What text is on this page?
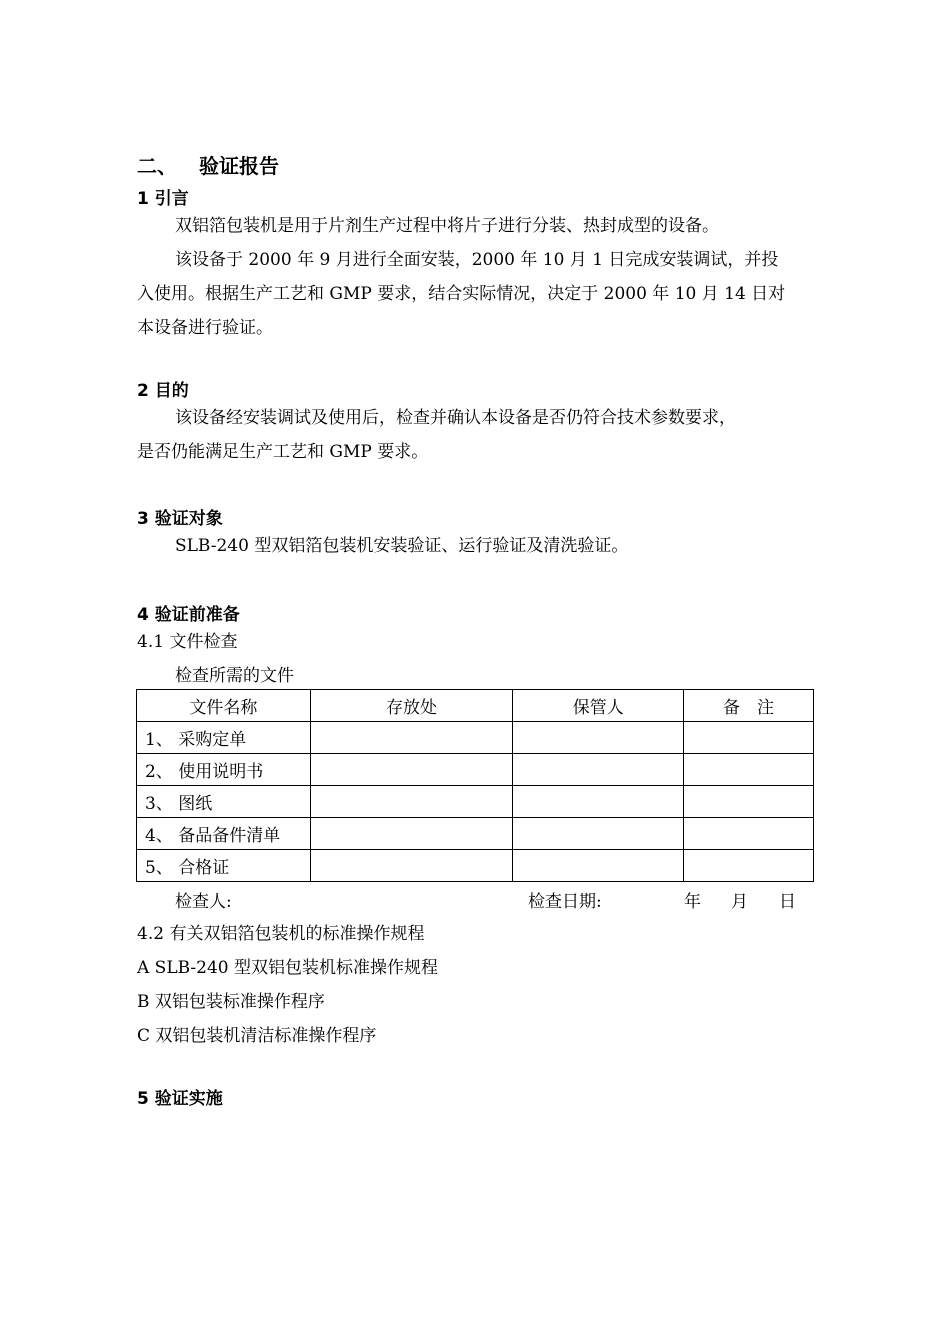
二、 验证报告
1 引言
双铝箔包装机是用于片剂生产过程中将片子进行分装、热封成型的设备。
该设备于 2000 年 9 月进行全面安装，2000 年 10 月 1 日完成安装调试，并投
入使用。根据生产工艺和 GMP 要求，结合实际情况，决定于 2000 年 10 月 14 日对
本设备进行验证。
2 目的
该设备经安装调试及使用后，检查并确认本设备是否仍符合技术参数要求，
是否仍能满足生产工艺和 GMP 要求。
3 验证对象
SLB-240 型双铝箔包装机安装验证、运行验证及清洗验证。
4 验证前准备
4.1 文件检查
检查所需的文件
文件名称	存放处	保管人	备　注
1、 采购定单			
2、 使用说明书			
3、 图纸			
4、 备品备件清单			
5、 合格证			
检查人:	检查日期:	年 月 日
4.2 有关双铝箔包装机的标准操作规程
A SLB-240 型双铝包装机标准操作规程
B 双铝包装标准操作程序
C 双铝包装机清洁标准操作程序
5 验证实施
